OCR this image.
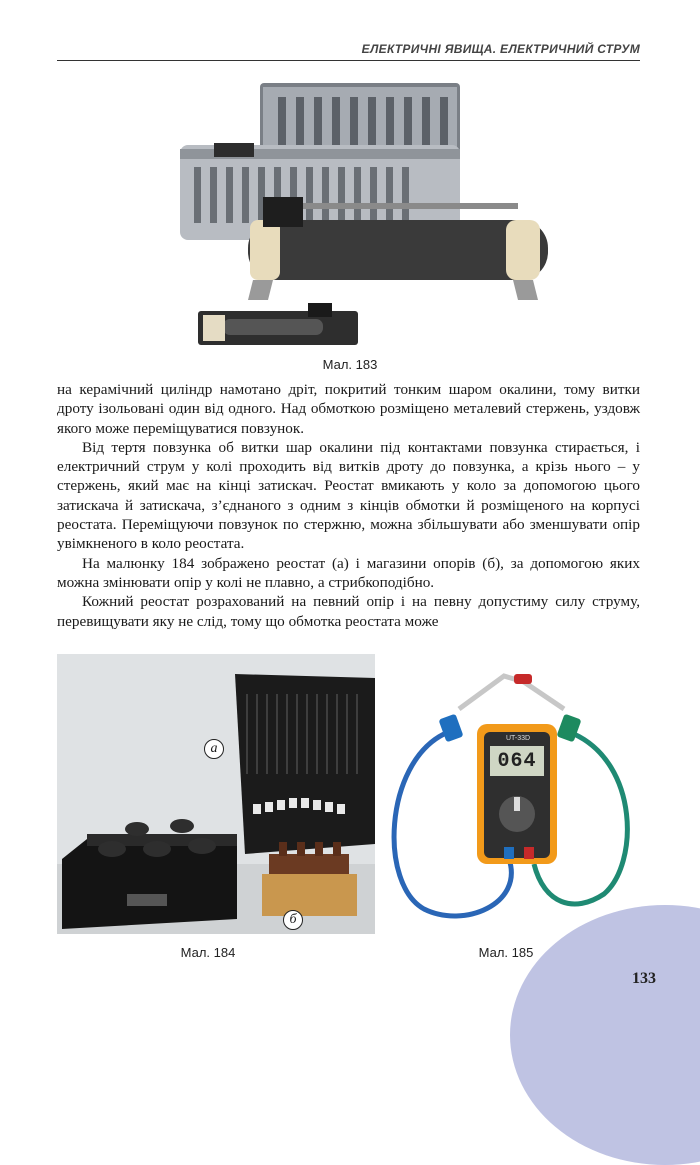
ЕЛЕКТРИЧНІ ЯВИЩА. ЕЛЕКТРИЧНИЙ СТРУМ
Мал. 183

на керамічний циліндр намотано дріт, покритий тонким шаром окалини, тому витки дроту ізольовані один від одного. Над обмоткою розміщено металевий стержень, уздовж якого може переміщуватися повзунок.

Від тертя повзунка об витки шар окалини під контактами повзунка стирається, і електричний струм у колі проходить від витків дроту до повзунка, а крізь нього – у стержень, який має на кінці затискач. Реостат вмикають у коло за допомогою цього затискача й затискача, з’єднаного з одним з кінців обмотки й розміщеного на корпусі реостата. Переміщуючи повзунок по стержню, можна збільшувати або зменшувати опір увімкненого в коло реостата.

На малюнку 184 зображено реостат (а) і магазини опорів (б), за допомогою яких можна змінювати опір у колі не плавно, а стрибкоподібно.

Кожний реостат розрахований на певний опір і на певну допустиму силу струму, перевищувати яку не слід, тому що обмотка реостата може

а
б
Мал. 184
UT-33D
064
Мал. 185
133
